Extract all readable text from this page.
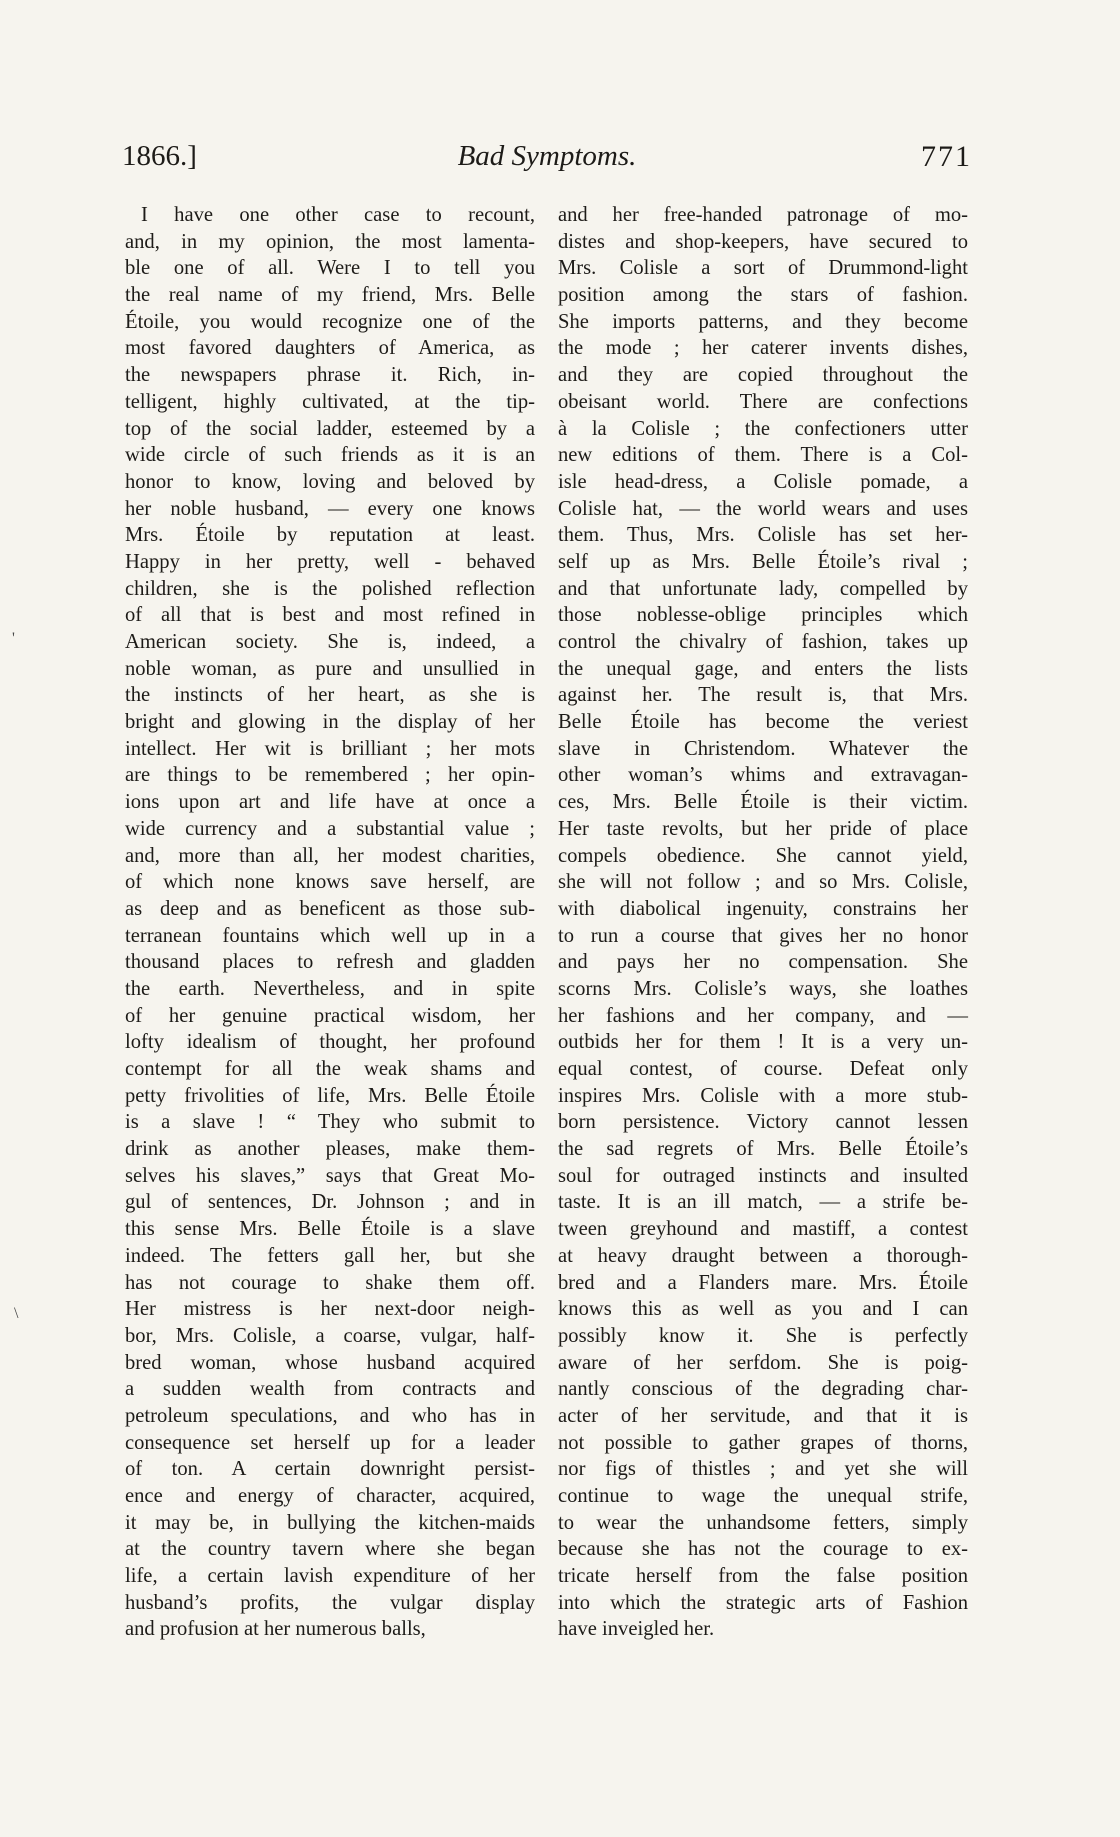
1866.]	Bad Symptoms.	771
I have one other case to recount,
and, in my opinion, the most lamenta-
ble one of all. Were I to tell you
the real name of my friend, Mrs. Belle
Étoile, you would recognize one of the
most favored daughters of America, as
the newspapers phrase it. Rich, in-
telligent, highly cultivated, at the tip-
top of the social ladder, esteemed by a
wide circle of such friends as it is an
honor to know, loving and beloved by
her noble husband, — every one knows
Mrs. Étoile by reputation at least.
Happy in her pretty, well - behaved
children, she is the polished reflection
of all that is best and most refined in
American society. She is, indeed, a
noble woman, as pure and unsullied in
the instincts of her heart, as she is
bright and glowing in the display of her
intellect. Her wit is brilliant ; her mots
are things to be remembered ; her opin-
ions upon art and life have at once a
wide currency and a substantial value ;
and, more than all, her modest charities,
of which none knows save herself, are
as deep and as beneficent as those sub-
terranean fountains which well up in a
thousand places to refresh and gladden
the earth. Nevertheless, and in spite
of her genuine practical wisdom, her
lofty idealism of thought, her profound
contempt for all the weak shams and
petty frivolities of life, Mrs. Belle Étoile
is a slave ! “ They who submit to
drink as another pleases, make them-
selves his slaves,” says that Great Mo-
gul of sentences, Dr. Johnson ; and in
this sense Mrs. Belle Étoile is a slave
indeed. The fetters gall her, but she
has not courage to shake them off.
Her mistress is her next-door neigh-
bor, Mrs. Colisle, a coarse, vulgar, half-
bred woman, whose husband acquired
a sudden wealth from contracts and
petroleum speculations, and who has in
consequence set herself up for a leader
of ton. A certain downright persist-
ence and energy of character, acquired,
it may be, in bullying the kitchen-maids
at the country tavern where she began
life, a certain lavish expenditure of her
husband’s profits, the vulgar display
and profusion at her numerous balls,
and her free-handed patronage of mo-
distes and shop-keepers, have secured to
Mrs. Colisle a sort of Drummond-light
position among the stars of fashion.
She imports patterns, and they become
the mode ; her caterer invents dishes,
and they are copied throughout the
obeisant world. There are confections
à la Colisle ; the confectioners utter
new editions of them. There is a Col-
isle head-dress, a Colisle pomade, a
Colisle hat, — the world wears and uses
them. Thus, Mrs. Colisle has set her-
self up as Mrs. Belle Étoile’s rival ;
and that unfortunate lady, compelled by
those noblesse-oblige principles which
control the chivalry of fashion, takes up
the unequal gage, and enters the lists
against her. The result is, that Mrs.
Belle Étoile has become the veriest
slave in Christendom. Whatever the
other woman’s whims and extravagan-
ces, Mrs. Belle Étoile is their victim.
Her taste revolts, but her pride of place
compels obedience. She cannot yield,
she will not follow ; and so Mrs. Colisle,
with diabolical ingenuity, constrains her
to run a course that gives her no honor
and pays her no compensation. She
scorns Mrs. Colisle’s ways, she loathes
her fashions and her company, and —
outbids her for them ! It is a very un-
equal contest, of course. Defeat only
inspires Mrs. Colisle with a more stub-
born persistence. Victory cannot lessen
the sad regrets of Mrs. Belle Étoile’s
soul for outraged instincts and insulted
taste. It is an ill match, — a strife be-
tween greyhound and mastiff, a contest
at heavy draught between a thorough-
bred and a Flanders mare. Mrs. Étoile
knows this as well as you and I can
possibly know it. She is perfectly
aware of her serfdom. She is poig-
nantly conscious of the degrading char-
acter of her servitude, and that it is
not possible to gather grapes of thorns,
nor figs of thistles ; and yet she will
continue to wage the unequal strife,
to wear the unhandsome fetters, simply
because she has not the courage to ex-
tricate herself from the false position
into which the strategic arts of Fashion
have inveigled her.
'
\
